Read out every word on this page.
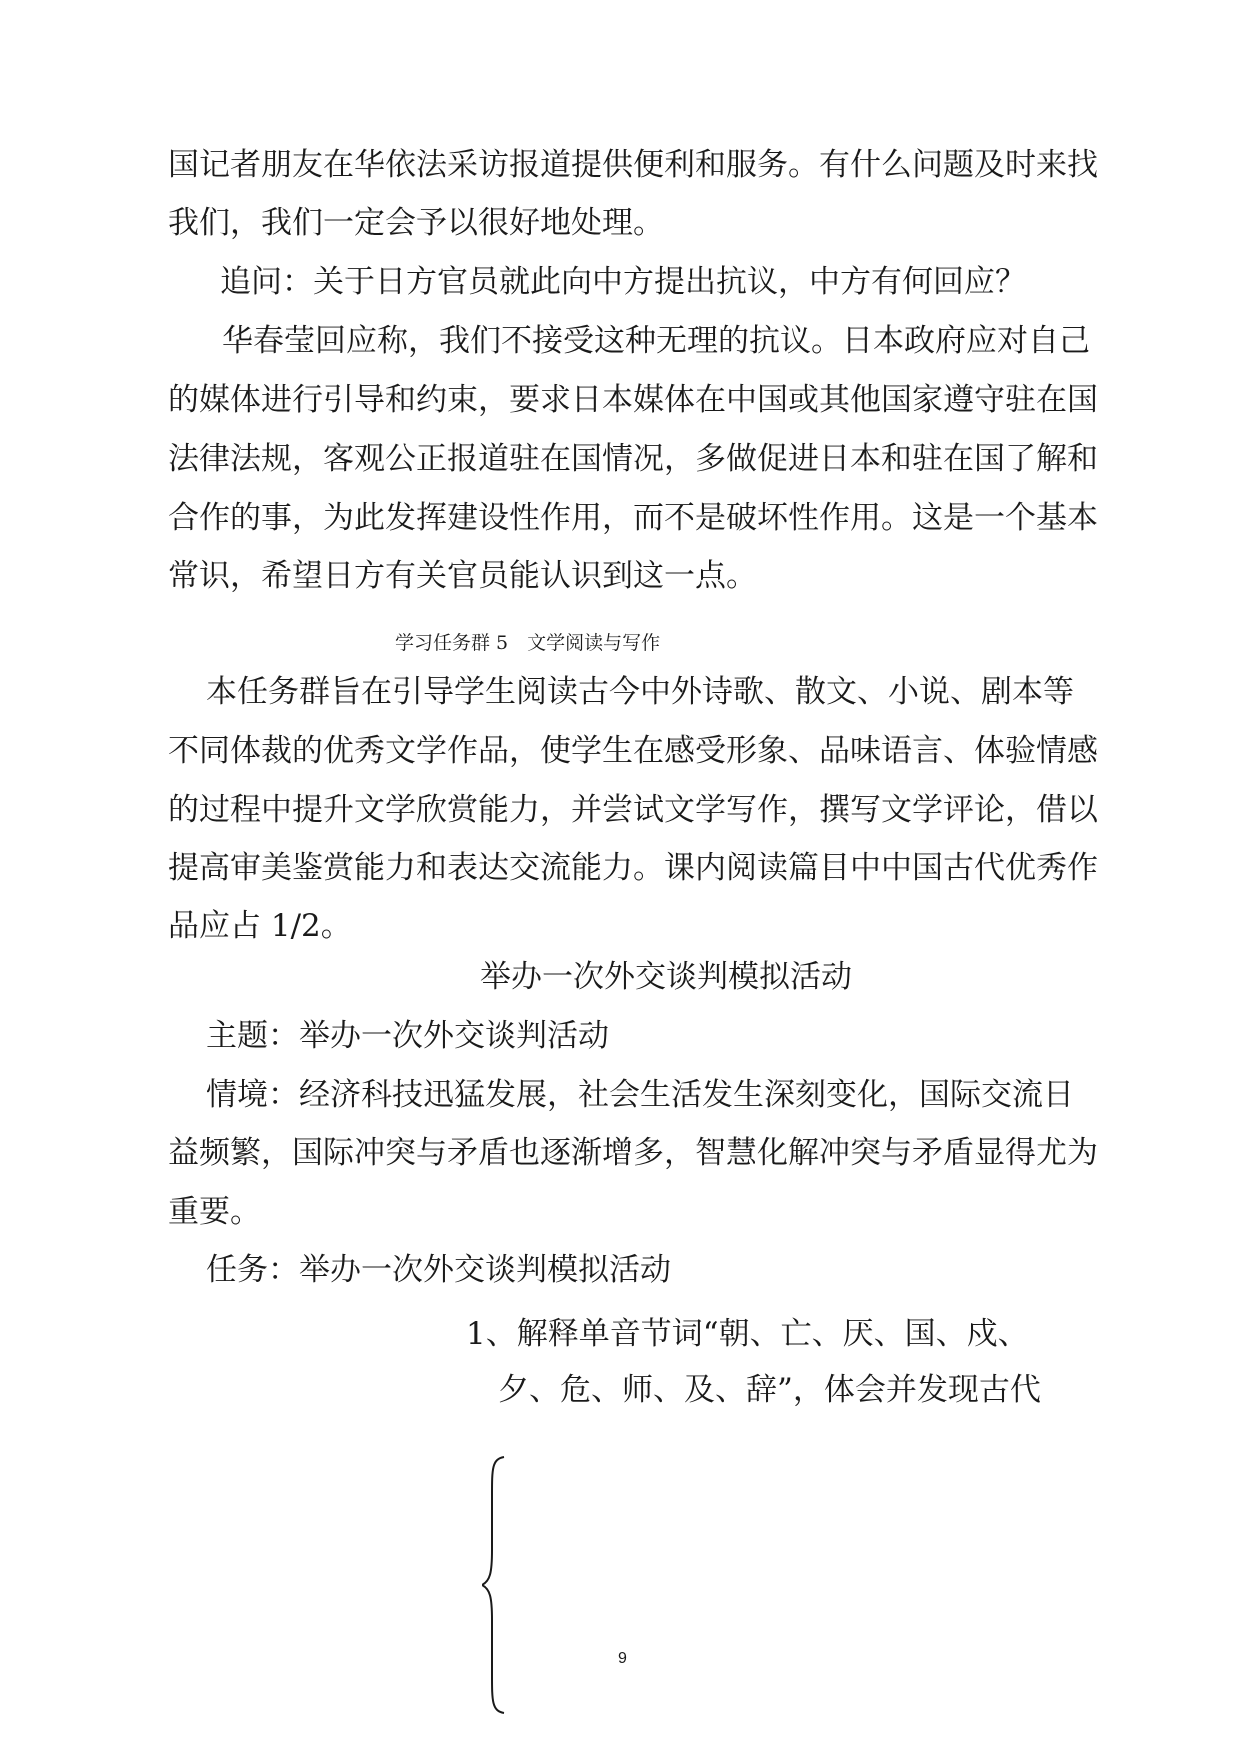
国记者朋友在华依法采访报道提供便利和服务。有什么问题及时来找
我们，我们一定会予以很好地处理。
追问：关于日方官员就此向中方提出抗议，中方有何回应？
华春莹回应称，我们不接受这种无理的抗议。日本政府应对自己
的媒体进行引导和约束，要求日本媒体在中国或其他国家遵守驻在国
法律法规，客观公正报道驻在国情况，多做促进日本和驻在国了解和
合作的事，为此发挥建设性作用，而不是破坏性作用。这是一个基本
常识，希望日方有关官员能认识到这一点。
学习任务群 5　文学阅读与写作
本任务群旨在引导学生阅读古今中外诗歌、散文、小说、剧本等
不同体裁的优秀文学作品，使学生在感受形象、品味语言、体验情感
的过程中提升文学欣赏能力，并尝试文学写作，撰写文学评论，借以
提高审美鉴赏能力和表达交流能力。课内阅读篇目中中国古代优秀作
品应占 1/2。
举办一次外交谈判模拟活动
主题：举办一次外交谈判活动
情境：经济科技迅猛发展，社会生活发生深刻变化，国际交流日
益频繁，国际冲突与矛盾也逐渐增多，智慧化解冲突与矛盾显得尤为
重要。
任务：举办一次外交谈判模拟活动
1、解释单音节词“朝、亡、厌、国、戍、
夕、危、师、及、辞”，体会并发现古代
9
